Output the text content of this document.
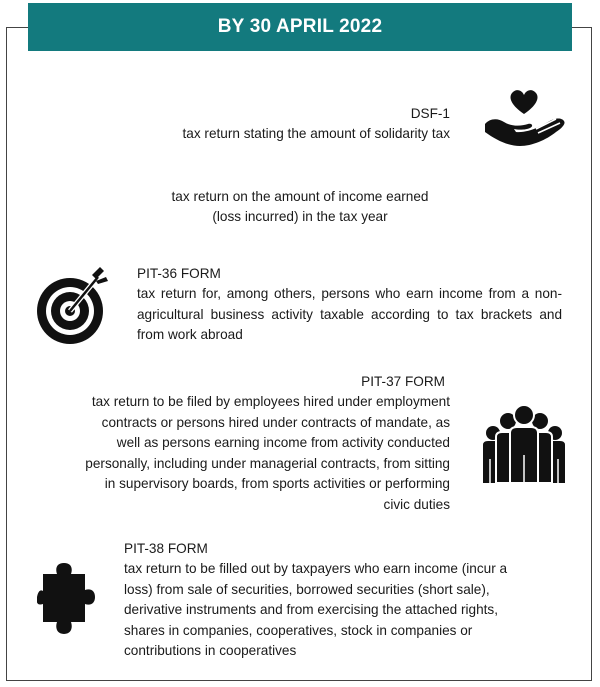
BY 30 APRIL 2022
DSF-1
tax return stating the amount of solidarity tax
tax return on the amount of income earned
(loss incurred) in the tax year
PIT-36 FORM
tax return for, among others, persons who earn income from a non-agricultural business activity taxable according to tax brackets and from work abroad
PIT-37 FORM
tax return to be filed by employees hired under employment
contracts or persons hired under contracts of mandate, as
well as persons earning income from activity conducted
personally, including under managerial contracts, from sitting
in supervisory boards, from sports activities or performing
civic duties
PIT-38 FORM
tax return to be filled out by taxpayers who earn income (incur a
loss) from sale of securities, borrowed securities (short sale),
derivative instruments and from exercising the attached rights,
shares in companies, cooperatives, stock in companies or
contributions in cooperatives
